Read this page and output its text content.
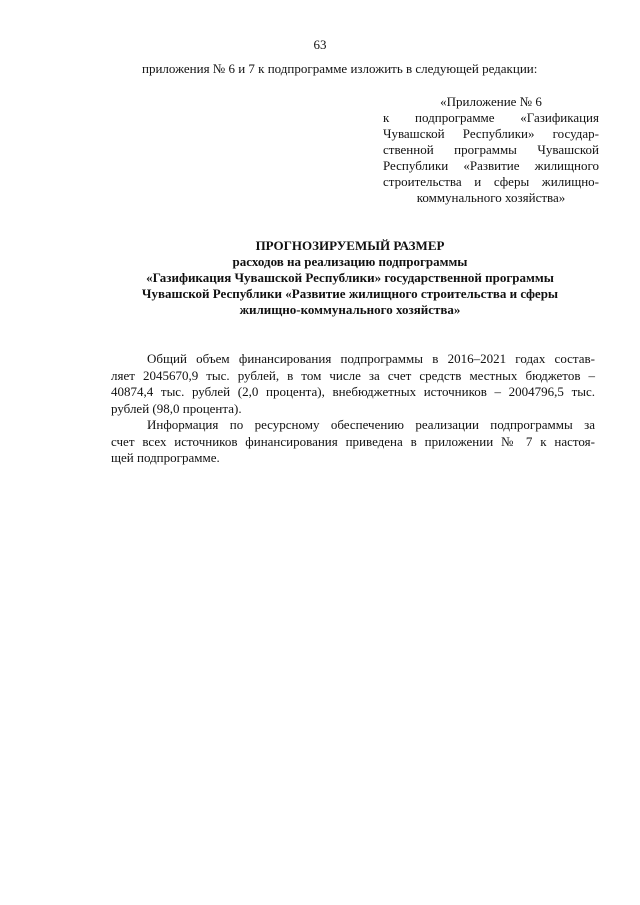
63
приложения № 6 и 7 к подпрограмме изложить в следующей редакции:
«Приложение № 6
к подпрограмме «Газификация
Чувашской Республики» государ-
ственной программы Чувашской
Республики «Развитие жилищного
строительства и сферы жилищно-
коммунального хозяйства»
ПРОГНОЗИРУЕМЫЙ РАЗМЕР
расходов на реализацию подпрограммы
«Газификация Чувашской Республики» государственной программы
Чувашской Республики «Развитие жилищного строительства и сферы
жилищно-коммунального хозяйства»
Общий объем финансирования подпрограммы в 2016–2021 годах состав-
ляет 2045670,9 тыс. рублей, в том числе за счет средств местных бюджетов –
40874,4 тыс. рублей (2,0 процента), внебюджетных источников – 2004796,5 тыс.
рублей (98,0 процента).
Информация по ресурсному обеспечению реализации подпрограммы за
счет всех источников финансирования приведена в приложении № 7 к настоя-
щей подпрограмме.
